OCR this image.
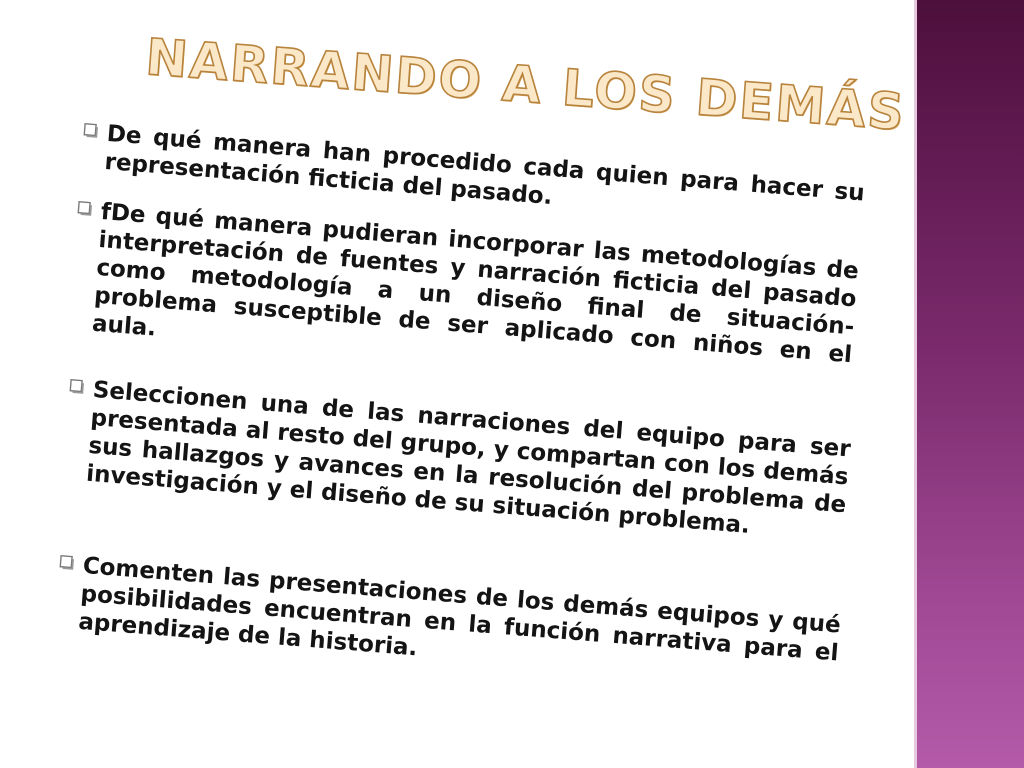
NARRANDO A LOS DEMÁS
De qué manera han procedido cada quien para hacer su representación ficticia del pasado.
fDe qué manera pudieran incorporar las metodologías de interpretación de fuentes y narración ficticia del pasado como metodología a un diseño final de situación-problema susceptible de ser aplicado con niños en el aula.
Seleccionen una de las narraciones del equipo para ser presentada al resto del grupo, y compartan con los demás sus hallazgos y avances en la resolución del problema de investigación y el diseño de su situación problema.
Comenten las presentaciones de los demás equipos y qué posibilidades encuentran en la función narrativa para el aprendizaje de la historia.
